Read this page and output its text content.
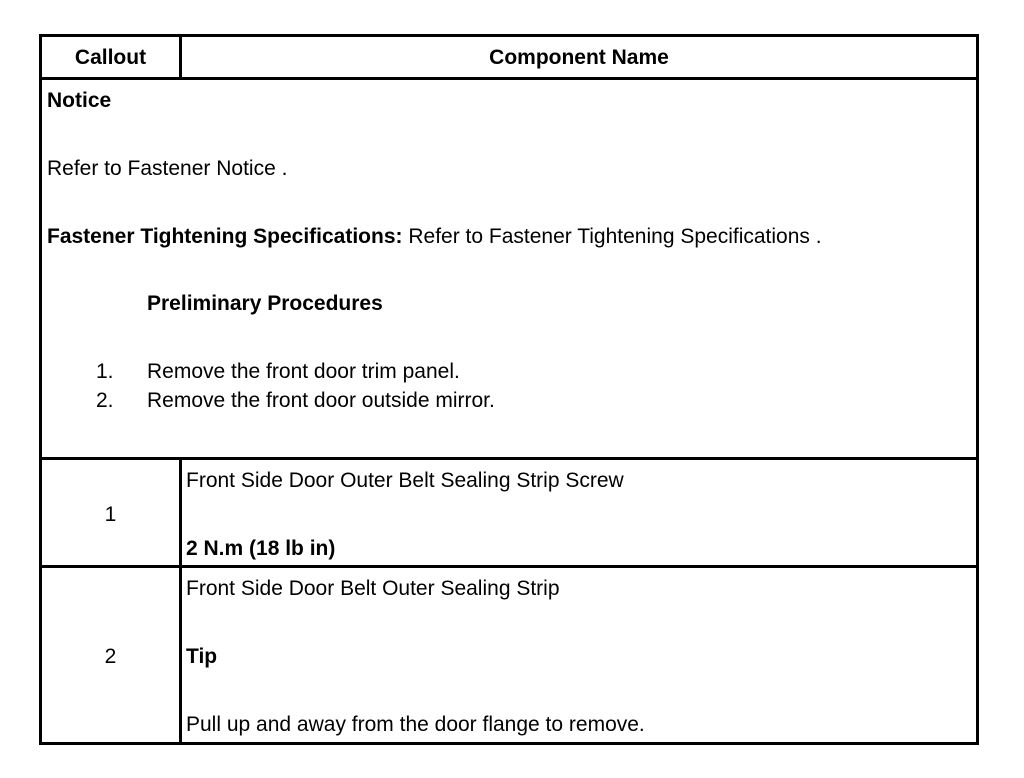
Callout	Component Name
Notice
Refer to Fastener Notice .
Fastener Tightening Specifications: Refer to Fastener Tightening Specifications .
Preliminary Procedures
1. Remove the front door trim panel.
2. Remove the front door outside mirror.
1
Front Side Door Outer Belt Sealing Strip Screw
2 N.m (18 lb in)
2
Front Side Door Belt Outer Sealing Strip
Tip
Pull up and away from the door flange to remove.
